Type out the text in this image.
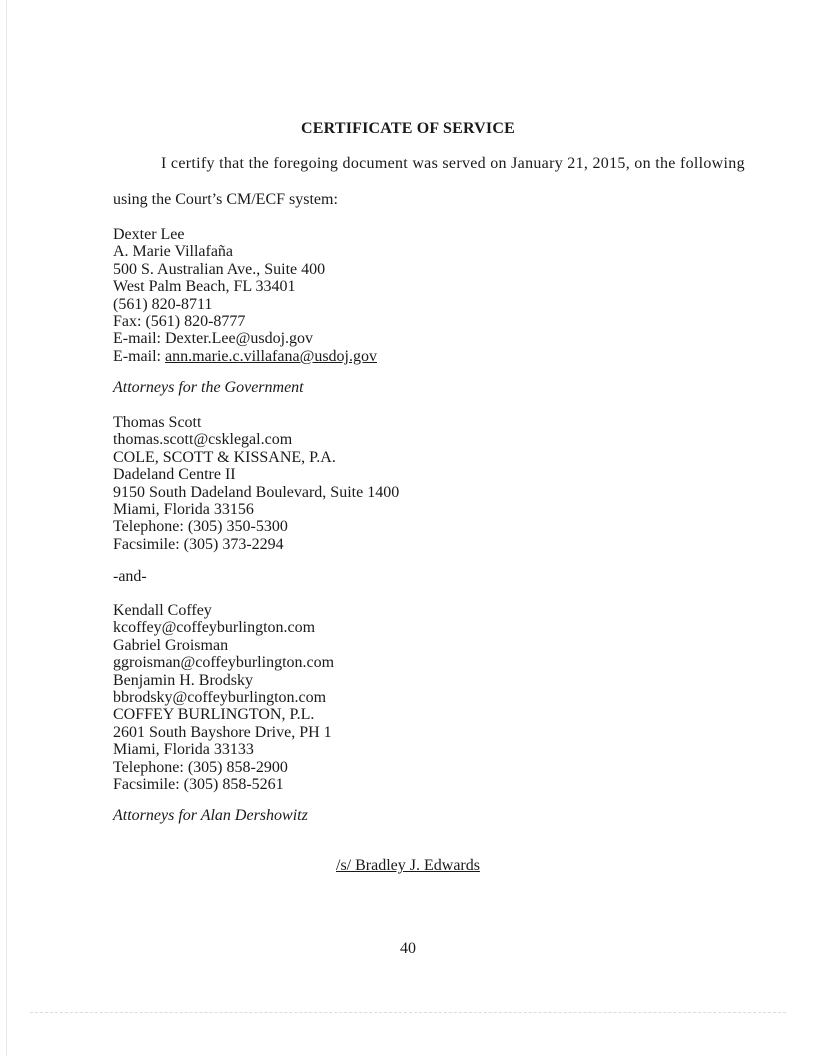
CERTIFICATE OF SERVICE
I certify that the foregoing document was served on January 21, 2015, on the following
using the Court’s CM/ECF system:
Dexter Lee
A. Marie Villafaña
500 S. Australian Ave., Suite 400
West Palm Beach, FL 33401
(561) 820-8711
Fax: (561) 820-8777
E-mail: Dexter.Lee@usdoj.gov
E-mail: ann.marie.c.villafana@usdoj.gov
Attorneys for the Government
Thomas Scott
thomas.scott@csklegal.com
COLE, SCOTT & KISSANE, P.A.
Dadeland Centre II
9150 South Dadeland Boulevard, Suite 1400
Miami, Florida 33156
Telephone: (305) 350-5300
Facsimile: (305) 373-2294
-and-
Kendall Coffey
kcoffey@coffeyburlington.com
Gabriel Groisman
ggroisman@coffeyburlington.com
Benjamin H. Brodsky
bbrodsky@coffeyburlington.com
COFFEY BURLINGTON, P.L.
2601 South Bayshore Drive, PH 1
Miami, Florida 33133
Telephone: (305) 858-2900
Facsimile: (305) 858-5261
Attorneys for Alan Dershowitz
/s/ Bradley J. Edwards
40
